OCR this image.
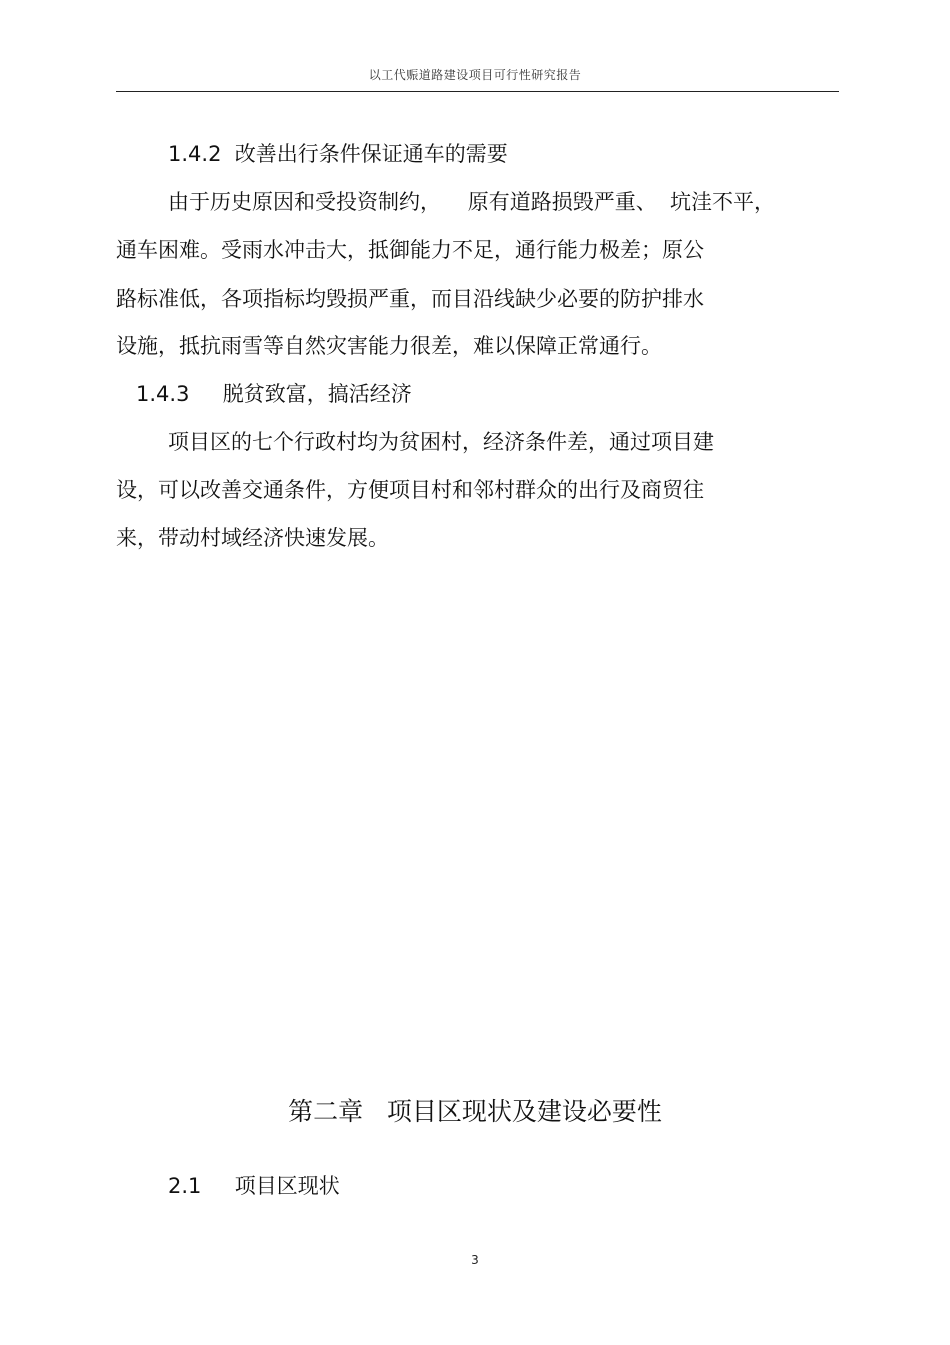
以工代赈道路建设项目可行性研究报告
1.4.2  改善出行条件保证通车的需要
由于历史原因和受投资制约，    原有道路损毁严重、  坑洼不平，
通车困难。受雨水冲击大，抵御能力不足，通行能力极差；原公
路标准低，各项指标均毁损严重，而目沿线缺少必要的防护排水
设施，抵抗雨雪等自然灾害能力很差，难以保障正常通行。
1.4.3     脱贫致富，搞活经济
项目区的七个行政村均为贫困村，经济条件差，通过项目建
设，可以改善交通条件，方便项目村和邻村群众的出行及商贸往
来，带动村域经济快速发展。
第二章   项目区现状及建设必要性
2.1     项目区现状
3
